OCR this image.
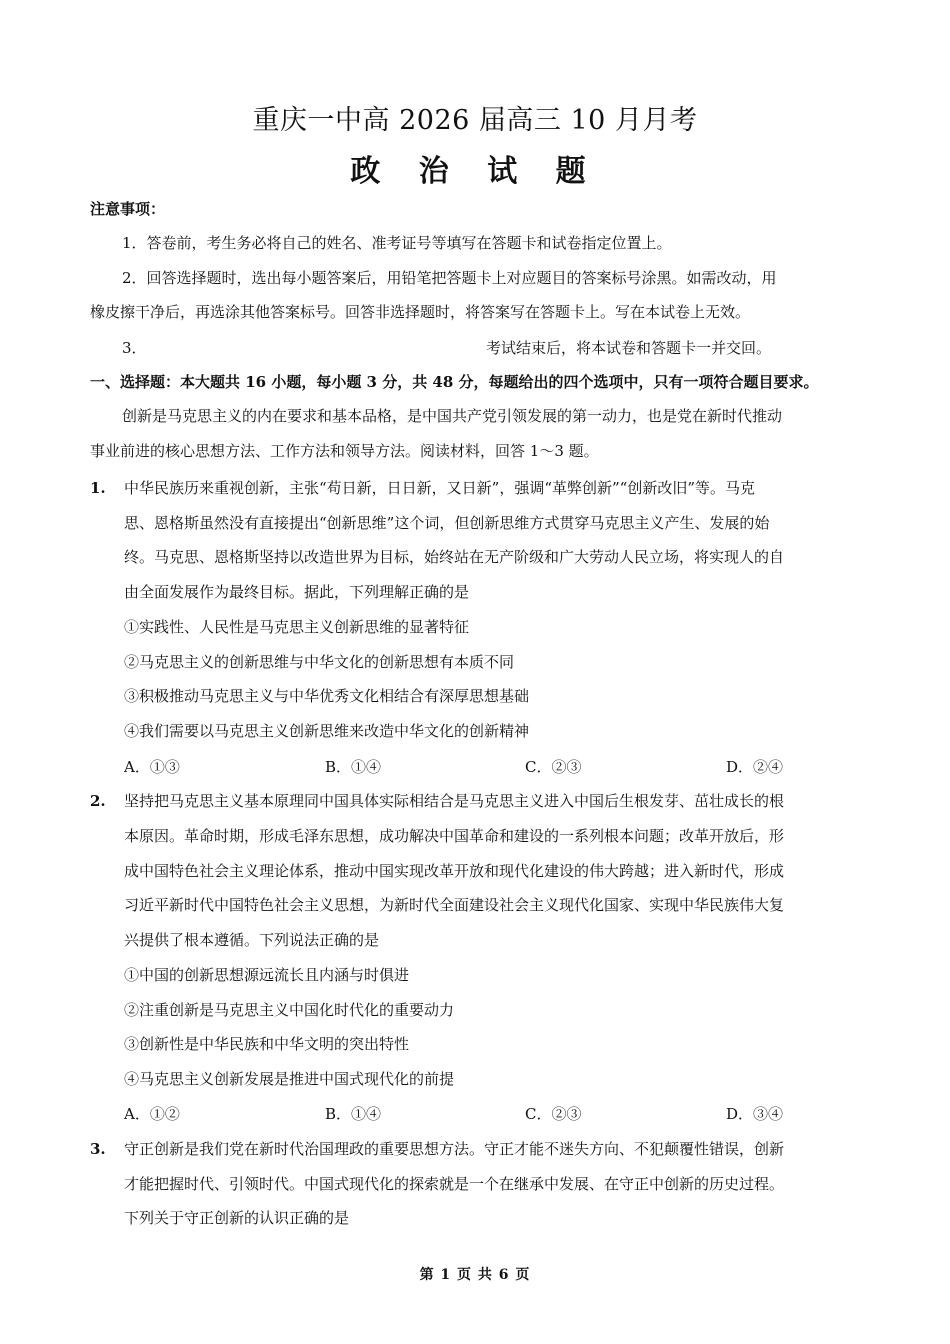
重庆一中高 2026 届高三 10 月月考
政 治 试 题
注意事项：
1．答卷前，考生务必将自己的姓名、准考证号等填写在答题卡和试卷指定位置上。
2．回答选择题时，选出每小题答案后，用铅笔把答题卡上对应题目的答案标号涂黑。如需改动，用
橡皮擦干净后，再选涂其他答案标号。回答非选择题时，将答案写在答题卡上。写在本试卷上无效。
3．	考试结束后，将本试卷和答题卡一并交回。
一、选择题：本大题共 16 小题，每小题 3 分，共 48 分，每题给出的四个选项中，只有一项符合题目要求。
创新是马克思主义的内在要求和基本品格，是中国共产党引领发展的第一动力，也是党在新时代推动
事业前进的核心思想方法、工作方法和领导方法。阅读材料，回答 1～3 题。
1. 中华民族历来重视创新，主张“苟日新，日日新，又日新”，强调“革弊创新”“创新改旧”等。马克
思、恩格斯虽然没有直接提出“创新思维”这个词，但创新思维方式贯穿马克思主义产生、发展的始
终。马克思、恩格斯坚持以改造世界为目标，始终站在无产阶级和广大劳动人民立场，将实现人的自
由全面发展作为最终目标。据此，下列理解正确的是
①实践性、人民性是马克思主义创新思维的显著特征
②马克思主义的创新思维与中华文化的创新思想有本质不同
③积极推动马克思主义与中华优秀文化相结合有深厚思想基础
④我们需要以马克思主义创新思维来改造中华文化的创新精神
A．①③	B．①④	C．②③	D．②④
2. 坚持把马克思主义基本原理同中国具体实际相结合是马克思主义进入中国后生根发芽、茁壮成长的根
本原因。革命时期，形成毛泽东思想，成功解决中国革命和建设的一系列根本问题；改革开放后，形
成中国特色社会主义理论体系，推动中国实现改革开放和现代化建设的伟大跨越；进入新时代，形成
习近平新时代中国特色社会主义思想，为新时代全面建设社会主义现代化国家、实现中华民族伟大复
兴提供了根本遵循。下列说法正确的是
①中国的创新思想源远流长且内涵与时俱进
②注重创新是马克思主义中国化时代化的重要动力
③创新性是中华民族和中华文明的突出特性
④马克思主义创新发展是推进中国式现代化的前提
A．①②	B．①④	C．②③	D．③④
3. 守正创新是我们党在新时代治国理政的重要思想方法。守正才能不迷失方向、不犯颠覆性错误，创新
才能把握时代、引领时代。中国式现代化的探索就是一个在继承中发展、在守正中创新的历史过程。
下列关于守正创新的认识正确的是
第 1 页 共 6 页
